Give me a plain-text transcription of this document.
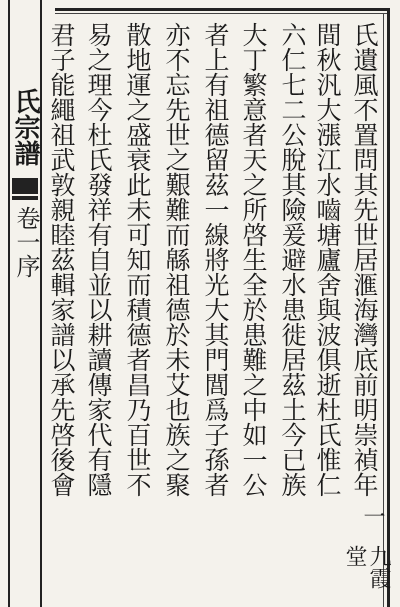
氏宗譜
卷一序	氏遺風不置問其先世居滙海灣底前明崇禎年
間秋汎大漲江水嚙塘廬舍與波俱逝杜氏惟仁
六仁七二公脫其險爰避水患徙居茲土今已族
大丁繁意者天之所啓生全於患難之中如一公
者上有祖德留茲一線將光大其門閭爲子孫者
亦不忘先世之艱難而緜祖德於未艾也族之聚
散地運之盛衰此未可知而積德者昌乃百世不
易之理今杜氏發祥有自並以耕讀傳家代有隱
君子能繩祖武敦親睦茲輯家譜以承先啓後會
一
九霞堂
